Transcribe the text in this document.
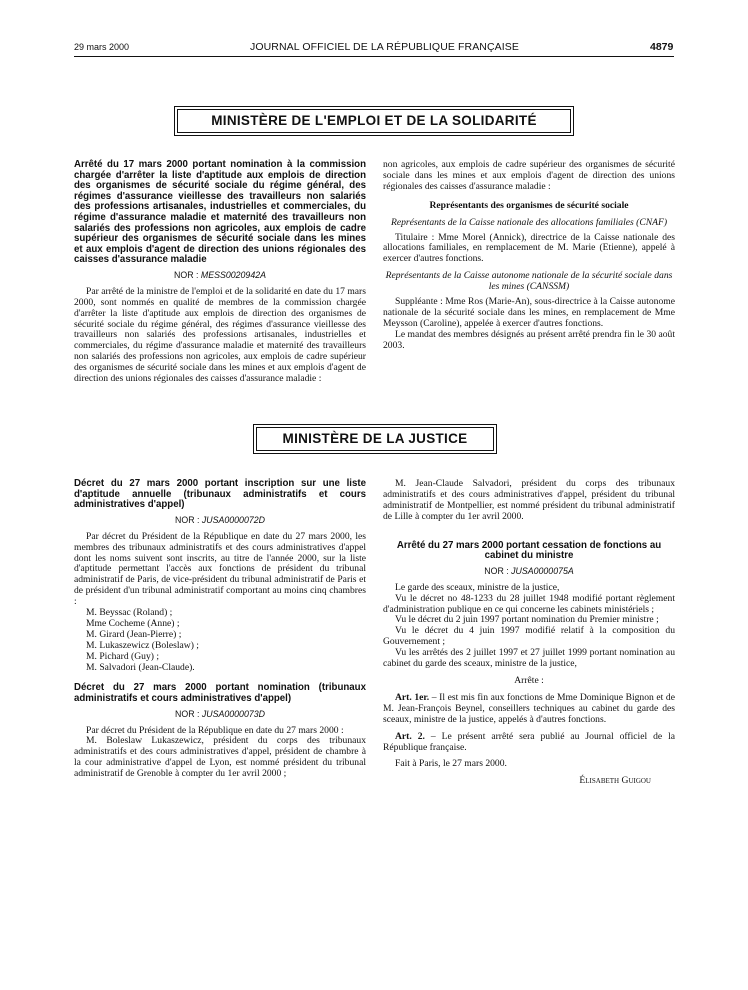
29 mars 2000	JOURNAL OFFICIEL DE LA RÉPUBLIQUE FRANÇAISE	4879
MINISTÈRE DE L'EMPLOI ET DE LA SOLIDARITÉ

Arrêté du 17 mars 2000 portant nomination à la commission chargée d'arrêter la liste d'aptitude aux emplois de direction des organismes de sécurité sociale du régime général, des régimes d'assurance vieillesse des travailleurs non salariés des professions artisanales, industrielles et commerciales, du régime d'assurance maladie et maternité des travailleurs non salariés des professions non agricoles, aux emplois de cadre supérieur des organismes de sécurité sociale dans les mines et aux emplois d'agent de direction des unions régionales des caisses d'assurance maladie

NOR : MESS0020942A

Par arrêté de la ministre de l'emploi et de la solidarité en date du 17 mars 2000, sont nommés en qualité de membres de la commission chargée d'arrêter la liste d'aptitude aux emplois de direction des organismes de sécurité sociale du régime général, des régimes d'assurance vieillesse des travailleurs non salariés des professions artisanales, industrielles et commerciales, du régime d'assurance maladie et maternité des travailleurs non salariés des professions non agricoles, aux emplois de cadre supérieur des organismes de sécurité sociale dans les mines et aux emplois d'agent de direction des unions régionales des caisses d'assurance maladie :

non agricoles, aux emplois de cadre supérieur des organismes de sécurité sociale dans les mines et aux emplois d'agent de direction des unions régionales des caisses d'assurance maladie :

Représentants des organismes de sécurité sociale

Représentants de la Caisse nationale des allocations familiales (CNAF)

Titulaire : Mme Morel (Annick), directrice de la Caisse nationale des allocations familiales, en remplacement de M. Marie (Etienne), appelé à exercer d'autres fonctions.

Représentants de la Caisse autonome nationale de la sécurité sociale dans les mines (CANSSM)

Suppléante : Mme Ros (Marie-An), sous-directrice à la Caisse autonome nationale de la sécurité sociale dans les mines, en remplacement de Mme Meysson (Caroline), appelée à exercer d'autres fonctions.

Le mandat des membres désignés au présent arrêté prendra fin le 30 août 2003.

MINISTÈRE DE LA JUSTICE

Décret du 27 mars 2000 portant inscription sur une liste d'aptitude annuelle (tribunaux administratifs et cours administratives d'appel)

NOR : JUSA0000072D

Par décret du Président de la République en date du 27 mars 2000, les membres des tribunaux administratifs et des cours administratives d'appel dont les noms suivent sont inscrits, au titre de l'année 2000, sur la liste d'aptitude permettant l'accès aux fonctions de président du tribunal administratif de Paris, de vice-président du tribunal administratif de Paris et de président d'un tribunal administratif comportant au moins cinq chambres :

M. Beyssac (Roland) ;
Mme Cocheme (Anne) ;
M. Girard (Jean-Pierre) ;
M. Lukaszewicz (Boleslaw) ;
M. Pichard (Guy) ;
M. Salvadori (Jean-Claude).

Décret du 27 mars 2000 portant nomination (tribunaux administratifs et cours administratives d'appel)

NOR : JUSA0000073D

Par décret du Président de la République en date du 27 mars 2000 :

M. Boleslaw Lukaszewicz, président du corps des tribunaux administratifs et des cours administratives d'appel, président de chambre à la cour administrative d'appel de Lyon, est nommé président du tribunal administratif de Grenoble à compter du 1er avril 2000 ;

M. Jean-Claude Salvadori, président du corps des tribunaux administratifs et des cours administratives d'appel, président du tribunal administratif de Montpellier, est nommé président du tribunal administratif de Lille à compter du 1er avril 2000.

Arrêté du 27 mars 2000 portant cessation de fonctions au cabinet du ministre

NOR : JUSA0000075A

Le garde des sceaux, ministre de la justice,

Vu le décret no 48-1233 du 28 juillet 1948 modifié portant règlement d'administration publique en ce qui concerne les cabinets ministériels ;

Vu le décret du 2 juin 1997 portant nomination du Premier ministre ;

Vu le décret du 4 juin 1997 modifié relatif à la composition du Gouvernement ;

Vu les arrêtés des 2 juillet 1997 et 27 juillet 1999 portant nomination au cabinet du garde des sceaux, ministre de la justice,

Arrête :

Art. 1er. – Il est mis fin aux fonctions de Mme Dominique Bignon et de M. Jean-François Beynel, conseillers techniques au cabinet du garde des sceaux, ministre de la justice, appelés à d'autres fonctions.

Art. 2. – Le présent arrêté sera publié au Journal officiel de la République française.

Fait à Paris, le 27 mars 2000.

Élisabeth Guigou
